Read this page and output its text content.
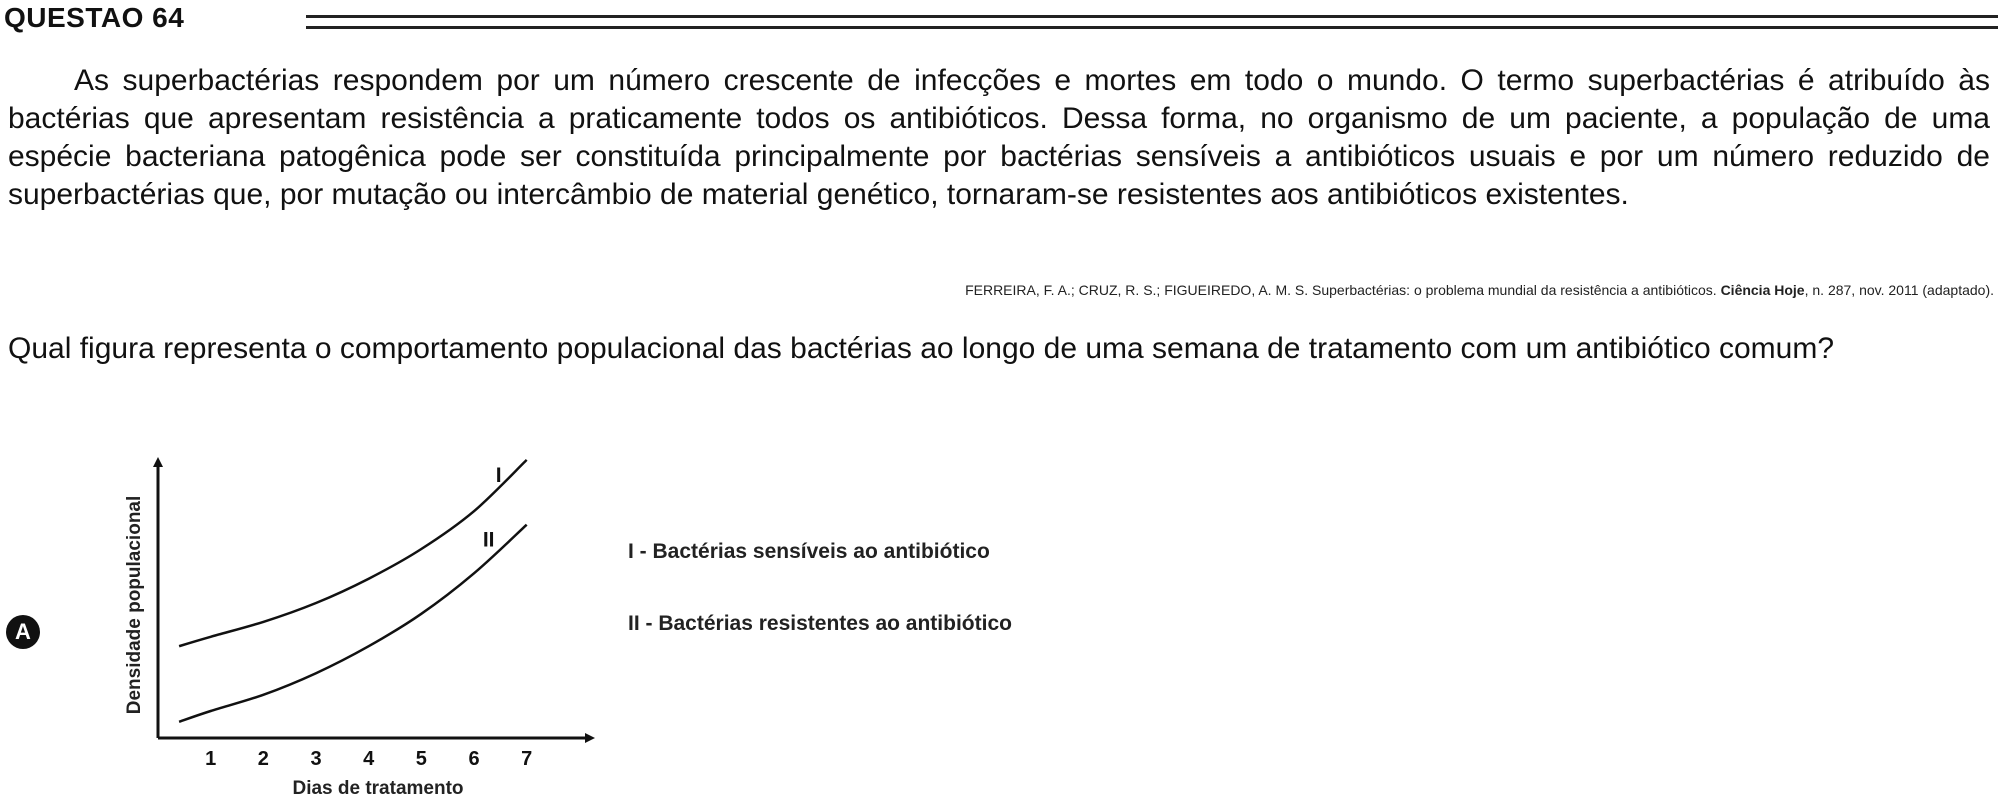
QUESTAO 64

As superbactérias respondem por um número crescente de infecções e mortes em todo o mundo. O termo superbactérias é atribuído às bactérias que apresentam resistência a praticamente todos os antibióticos. Dessa forma, no organismo de um paciente, a população de uma espécie bacteriana patogênica pode ser constituída principalmente por bactérias sensíveis a antibióticos usuais e por um número reduzido de superbactérias que, por mutação ou intercâmbio de material genético, tornaram-se resistentes aos antibióticos existentes.

FERREIRA, F. A.; CRUZ, R. S.; FIGUEIREDO, A. M. S. Superbactérias: o problema mundial da resistência a antibióticos. Ciência Hoje, n. 287, nov. 2011 (adaptado).

Qual figura representa o comportamento populacional das bactérias ao longo de uma semana de tratamento com um antibiótico comum?

A	Densidade populacional
Dias de tratamento
1 2 3 4 5 6 7
I
II	I - Bactérias sensíveis ao antibiótico
II - Bactérias resistentes ao antibiótico
